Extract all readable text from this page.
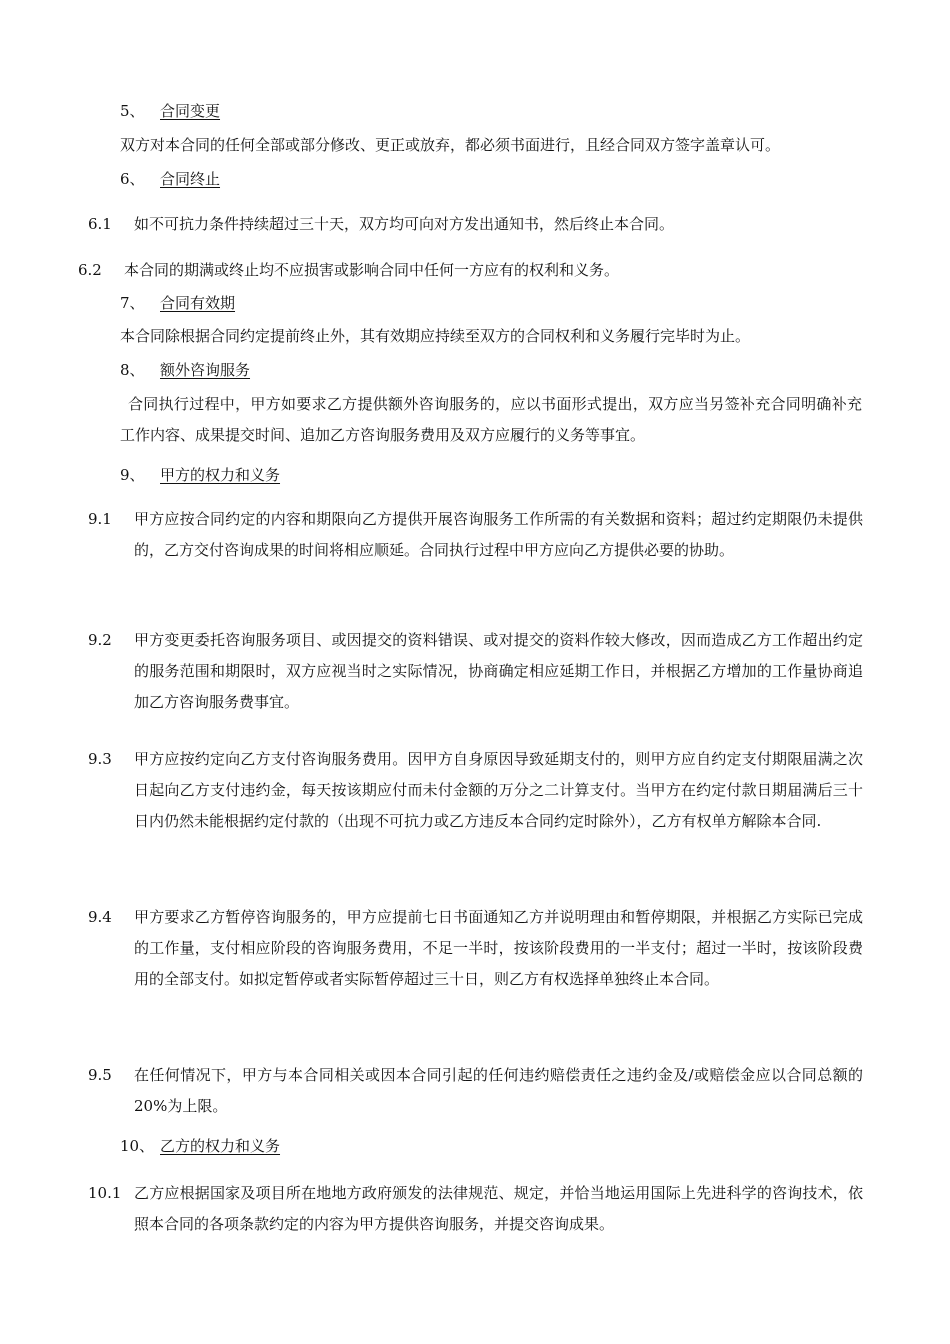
5、 合同变更
双方对本合同的任何全部或部分修改、更正或放弃，都必须书面进行，且经合同双方签字盖章认可。
6、 合同终止
6.1 如不可抗力条件持续超过三十天，双方均可向对方发出通知书，然后终止本合同。
6.2 本合同的期满或终止均不应损害或影响合同中任何一方应有的权利和义务。
7、 合同有效期
本合同除根据合同约定提前终止外，其有效期应持续至双方的合同权利和义务履行完毕时为止。
8、 额外咨询服务
合同执行过程中，甲方如要求乙方提供额外咨询服务的，应以书面形式提出，双方应当另签补充合同明确补充工作内容、成果提交时间、追加乙方咨询服务费用及双方应履行的义务等事宜。
9、 甲方的权力和义务
9.1 甲方应按合同约定的内容和期限向乙方提供开展咨询服务工作所需的有关数据和资料；超过约定期限仍未提供的，乙方交付咨询成果的时间将相应顺延。合同执行过程中甲方应向乙方提供必要的协助。
9.2 甲方变更委托咨询服务项目、或因提交的资料错误、或对提交的资料作较大修改，因而造成乙方工作超出约定的服务范围和期限时，双方应视当时之实际情况，协商确定相应延期工作日，并根据乙方增加的工作量协商追加乙方咨询服务费事宜。
9.3 甲方应按约定向乙方支付咨询服务费用。因甲方自身原因导致延期支付的，则甲方应自约定支付期限届满之次日起向乙方支付违约金，每天按该期应付而未付金额的万分之二计算支付。当甲方在约定付款日期届满后三十日内仍然未能根据约定付款的（出现不可抗力或乙方违反本合同约定时除外），乙方有权单方解除本合同.
9.4 甲方要求乙方暂停咨询服务的，甲方应提前七日书面通知乙方并说明理由和暂停期限，并根据乙方实际已完成的工作量，支付相应阶段的咨询服务费用，不足一半时，按该阶段费用的一半支付；超过一半时，按该阶段费用的全部支付。如拟定暂停或者实际暂停超过三十日，则乙方有权选择单独终止本合同。
9.5 在任何情况下，甲方与本合同相关或因本合同引起的任何违约赔偿责任之违约金及/或赔偿金应以合同总额的20%为上限。
10、 乙方的权力和义务
10.1 乙方应根据国家及项目所在地地方政府颁发的法律规范、规定，并恰当地运用国际上先进科学的咨询技术，依照本合同的各项条款约定的内容为甲方提供咨询服务，并提交咨询成果。
